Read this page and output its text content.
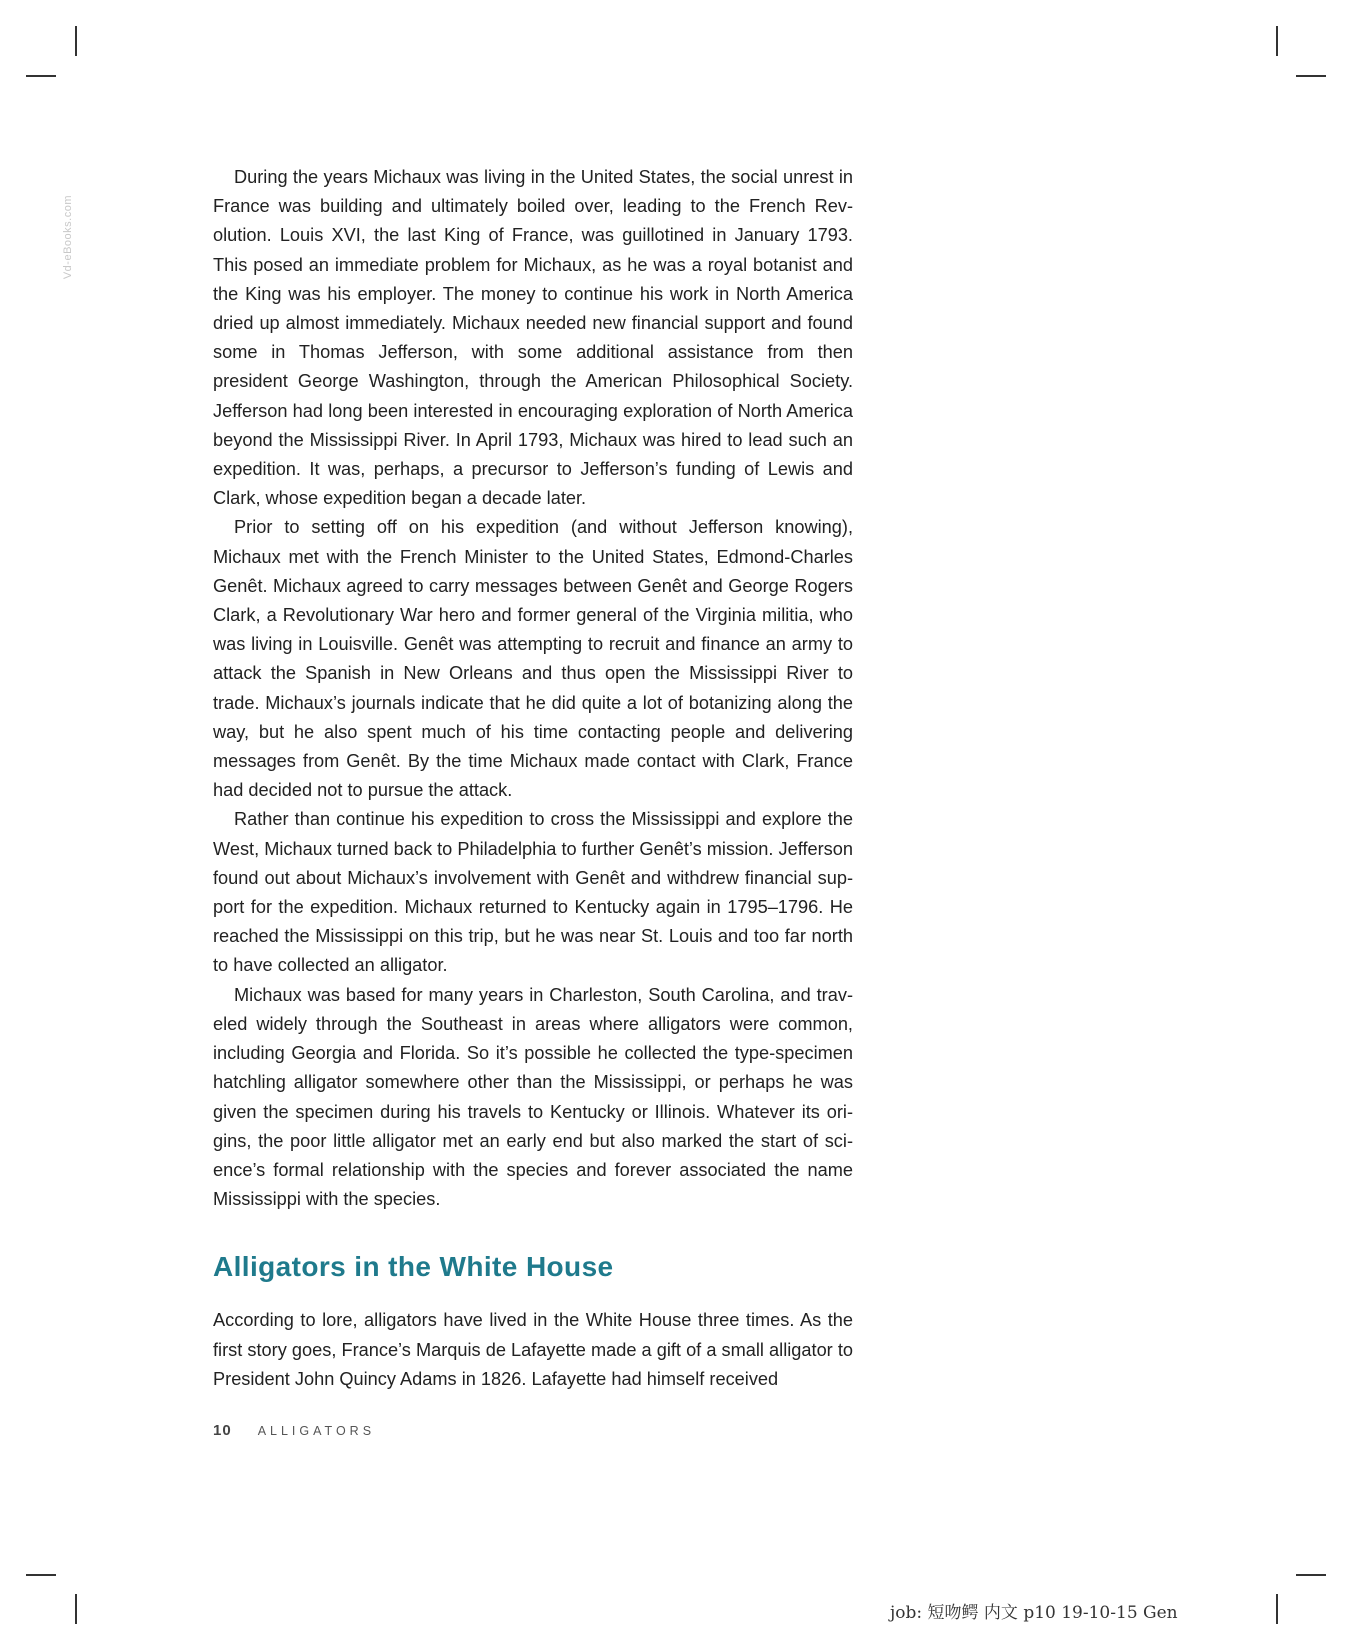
Vd-eBooks.com

During the years Michaux was living in the United States, the social unrest in France was building and ultimately boiled over, leading to the French Revolution. Louis XVI, the last King of France, was guillotined in January 1793. This posed an immediate problem for Michaux, as he was a royal botanist and the King was his employer. The money to continue his work in North America dried up almost immediately. Michaux needed new financial support and found some in Thomas Jefferson, with some additional assistance from then president George Washington, through the American Philosophical Society. Jefferson had long been interested in encouraging exploration of North America beyond the Mississippi River. In April 1793, Michaux was hired to lead such an expedition. It was, perhaps, a precursor to Jefferson’s funding of Lewis and Clark, whose expedition began a decade later.

Prior to setting off on his expedition (and without Jefferson knowing), Michaux met with the French Minister to the United States, Edmond-Charles Genêt. Michaux agreed to carry messages between Genêt and George Rogers Clark, a Revolutionary War hero and former general of the Virginia militia, who was living in Louisville. Genêt was attempting to recruit and finance an army to attack the Spanish in New Orleans and thus open the Mississippi River to trade. Michaux’s journals indicate that he did quite a lot of botanizing along the way, but he also spent much of his time contacting people and delivering messages from Genêt. By the time Michaux made contact with Clark, France had decided not to pursue the attack.

Rather than continue his expedition to cross the Mississippi and explore the West, Michaux turned back to Philadelphia to further Genêt’s mission. Jefferson found out about Michaux’s involvement with Genêt and withdrew financial support for the expedition. Michaux returned to Kentucky again in 1795–1796. He reached the Mississippi on this trip, but he was near St. Louis and too far north to have collected an alligator.

Michaux was based for many years in Charleston, South Carolina, and traveled widely through the Southeast in areas where alligators were common, including Georgia and Florida. So it’s possible he collected the type-specimen hatchling alligator somewhere other than the Mississippi, or perhaps he was given the specimen during his travels to Kentucky or Illinois. Whatever its origins, the poor little alligator met an early end but also marked the start of science’s formal relationship with the species and forever associated the name Mississippi with the species.

Alligators in the White House

According to lore, alligators have lived in the White House three times. As the first story goes, France’s Marquis de Lafayette made a gift of a small alligator to President John Quincy Adams in 1826. Lafayette had himself received

10 ALLIGATORS
job: 短吻鳄 内文 p10 19-10-15 Gen
